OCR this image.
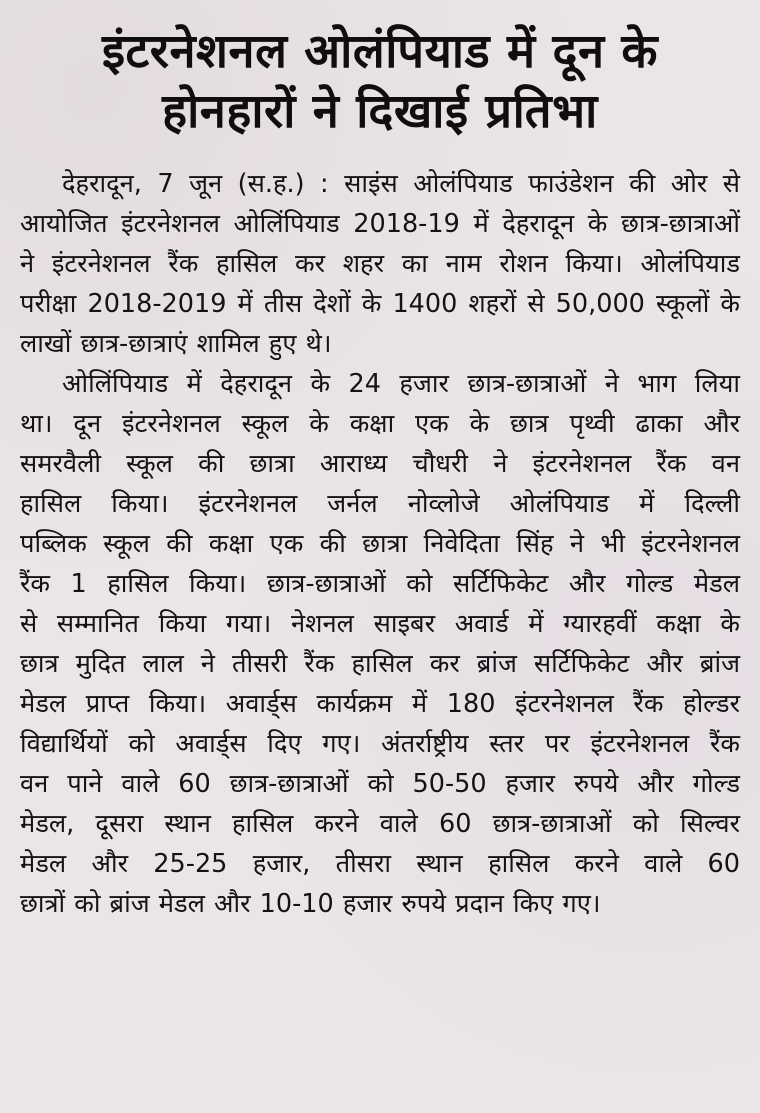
इंटरनेशनल ओलंपियाड में दून के
होनहारों ने दिखाई प्रतिभा

देहरादून, 7 जून (स.ह.) : साइंस ओलंपियाड फाउंडेशन की ओर से
आयोजित इंटरनेशनल ओलिंपियाड 2018-19 में देहरादून के छात्र-छात्राओं
ने इंटरनेशनल रैंक हासिल कर शहर का नाम रोशन किया। ओलंपियाड
परीक्षा 2018-2019 में तीस देशों के 1400 शहरों से 50,000 स्कूलों के
लाखों छात्र-छात्राएं शामिल हुए थे।

ओलिंपियाड में देहरादून के 24 हजार छात्र-छात्राओं ने भाग लिया
था। दून इंटरनेशनल स्कूल के कक्षा एक के छात्र पृथ्वी ढाका और
समरवैली स्कूल की छात्रा आराध्य चौधरी ने इंटरनेशनल रैंक वन
हासिल किया। इंटरनेशनल जर्नल नोव्लोजे ओलंपियाड में दिल्ली
पब्लिक स्कूल की कक्षा एक की छात्रा निवेदिता सिंह ने भी इंटरनेशनल
रैंक 1 हासिल किया। छात्र-छात्राओं को सर्टिफिकेट और गोल्ड मेडल
से सम्मानित किया गया। नेशनल साइबर अवार्ड में ग्यारहवीं कक्षा के
छात्र मुदित लाल ने तीसरी रैंक हासिल कर ब्रांज सर्टिफिकेट और ब्रांज
मेडल प्राप्त किया। अवार्ड्स कार्यक्रम में 180 इंटरनेशनल रैंक होल्डर
विद्यार्थियों को अवार्ड्स दिए गए। अंतर्राष्ट्रीय स्तर पर इंटरनेशनल रैंक
वन पाने वाले 60 छात्र-छात्राओं को 50-50 हजार रुपये और गोल्ड
मेडल, दूसरा स्थान हासिल करने वाले 60 छात्र-छात्राओं को सिल्वर
मेडल और 25-25 हजार, तीसरा स्थान हासिल करने वाले 60
छात्रों को ब्रांज मेडल और 10-10 हजार रुपये प्रदान किए गए।
